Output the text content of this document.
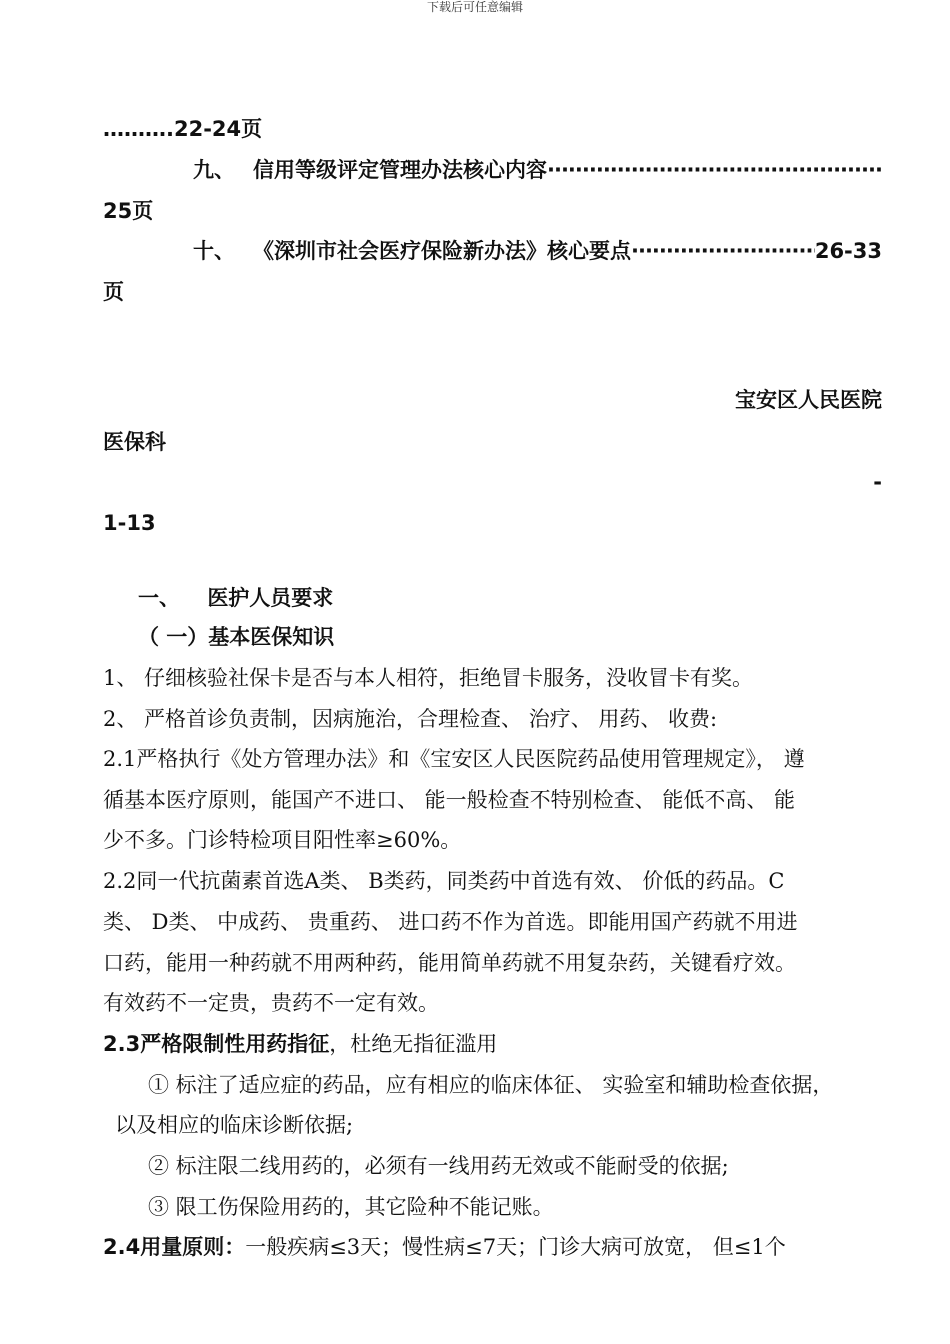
下载后可任意编辑
……….22-24页
九、 信用等级评定管理办法核心内容
·····
25页
十、 《深圳市社会医疗保险新办法》核心要点
·····	26-33
页
宝安区人民医院
医保科
-
1-13
一、 医护人员要求
（ 一）基本医保知识
1、 仔细核验社保卡是否与本人相符，拒绝冒卡服务，没收冒卡有奖。
2、 严格首诊负责制，因病施治，合理检查、 治疗、 用药、 收费:
2.1严格执行《处方管理办法》和《宝安区人民医院药品使用管理规定》， 遵
循基本医疗原则，能国产不进口、 能一般检查不特别检查、 能低不高、 能
少不多。门诊特检项目阳性率≥60%。
2.2同一代抗菌素首选A类、 B类药，同类药中首选有效、 价低的药品。C
类、 D类、 中成药、 贵重药、 进口药不作为首选。即能用国产药就不用进
口药，能用一种药就不用两种药，能用简单药就不用复杂药，关键看疗效。
有效药不一定贵，贵药不一定有效。
2.3严格限制性用药指征，杜绝无指征滥用
① 标注了适应症的药品，应有相应的临床体征、 实验室和辅助检查依据，
以及相应的临床诊断依据;
② 标注限二线用药的，必须有一线用药无效或不能耐受的依据;
③ 限工伤保险用药的，其它险种不能记账。
2.4用量原则：一般疾病≤3天；慢性病≤7天；门诊大病可放宽， 但≤1个
